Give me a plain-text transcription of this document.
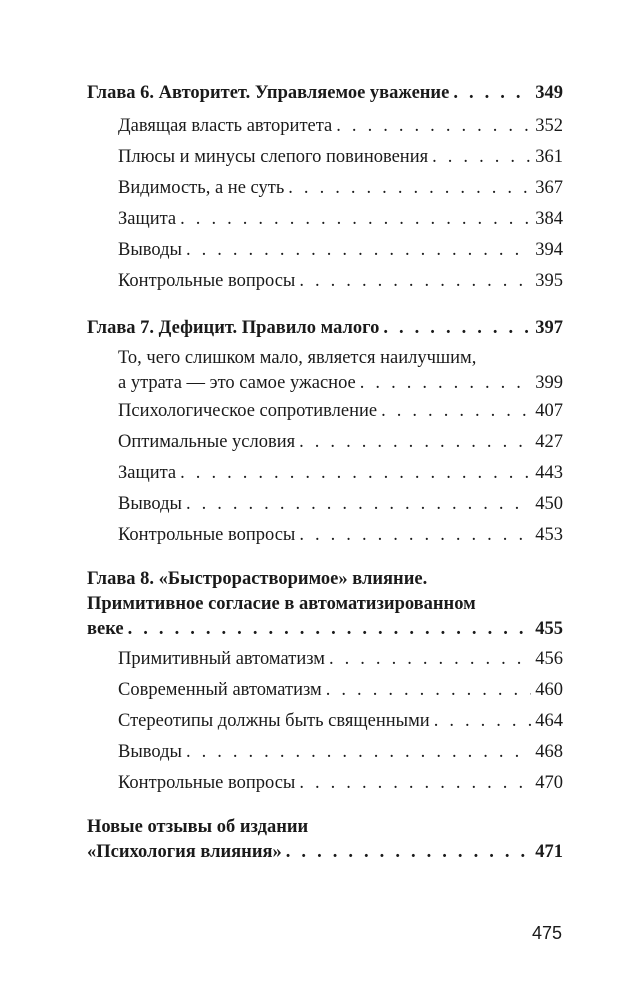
Глава 6. Авторитет. Управляемое уважение . . .	349
Давящая власть авторитета . . .	352
Плюсы и минусы слепого повиновения . . .	361
Видимость, а не суть . . .	367
Защита . . .	384
Выводы . . .	394
Контрольные вопросы . . .	395
Глава 7. Дефицит. Правило малого . . .	397
То, чего слишком мало, является наилучшим,
а утрата — это самое ужасное . . .	399
Психологическое сопротивление . . .	407
Оптимальные условия . . .	427
Защита . . .	443
Выводы . . .	450
Контрольные вопросы . . .	453
Глава 8. «Быстрорастворимое» влияние.
Примитивное согласие в автоматизированном
веке . . .	455
Примитивный автоматизм . . .	456
Современный автоматизм . . .	460
Стереотипы должны быть священными . . .	464
Выводы . . .	468
Контрольные вопросы . . .	470
Новые отзывы об издании
«Психология влияния» . . .	471
475
